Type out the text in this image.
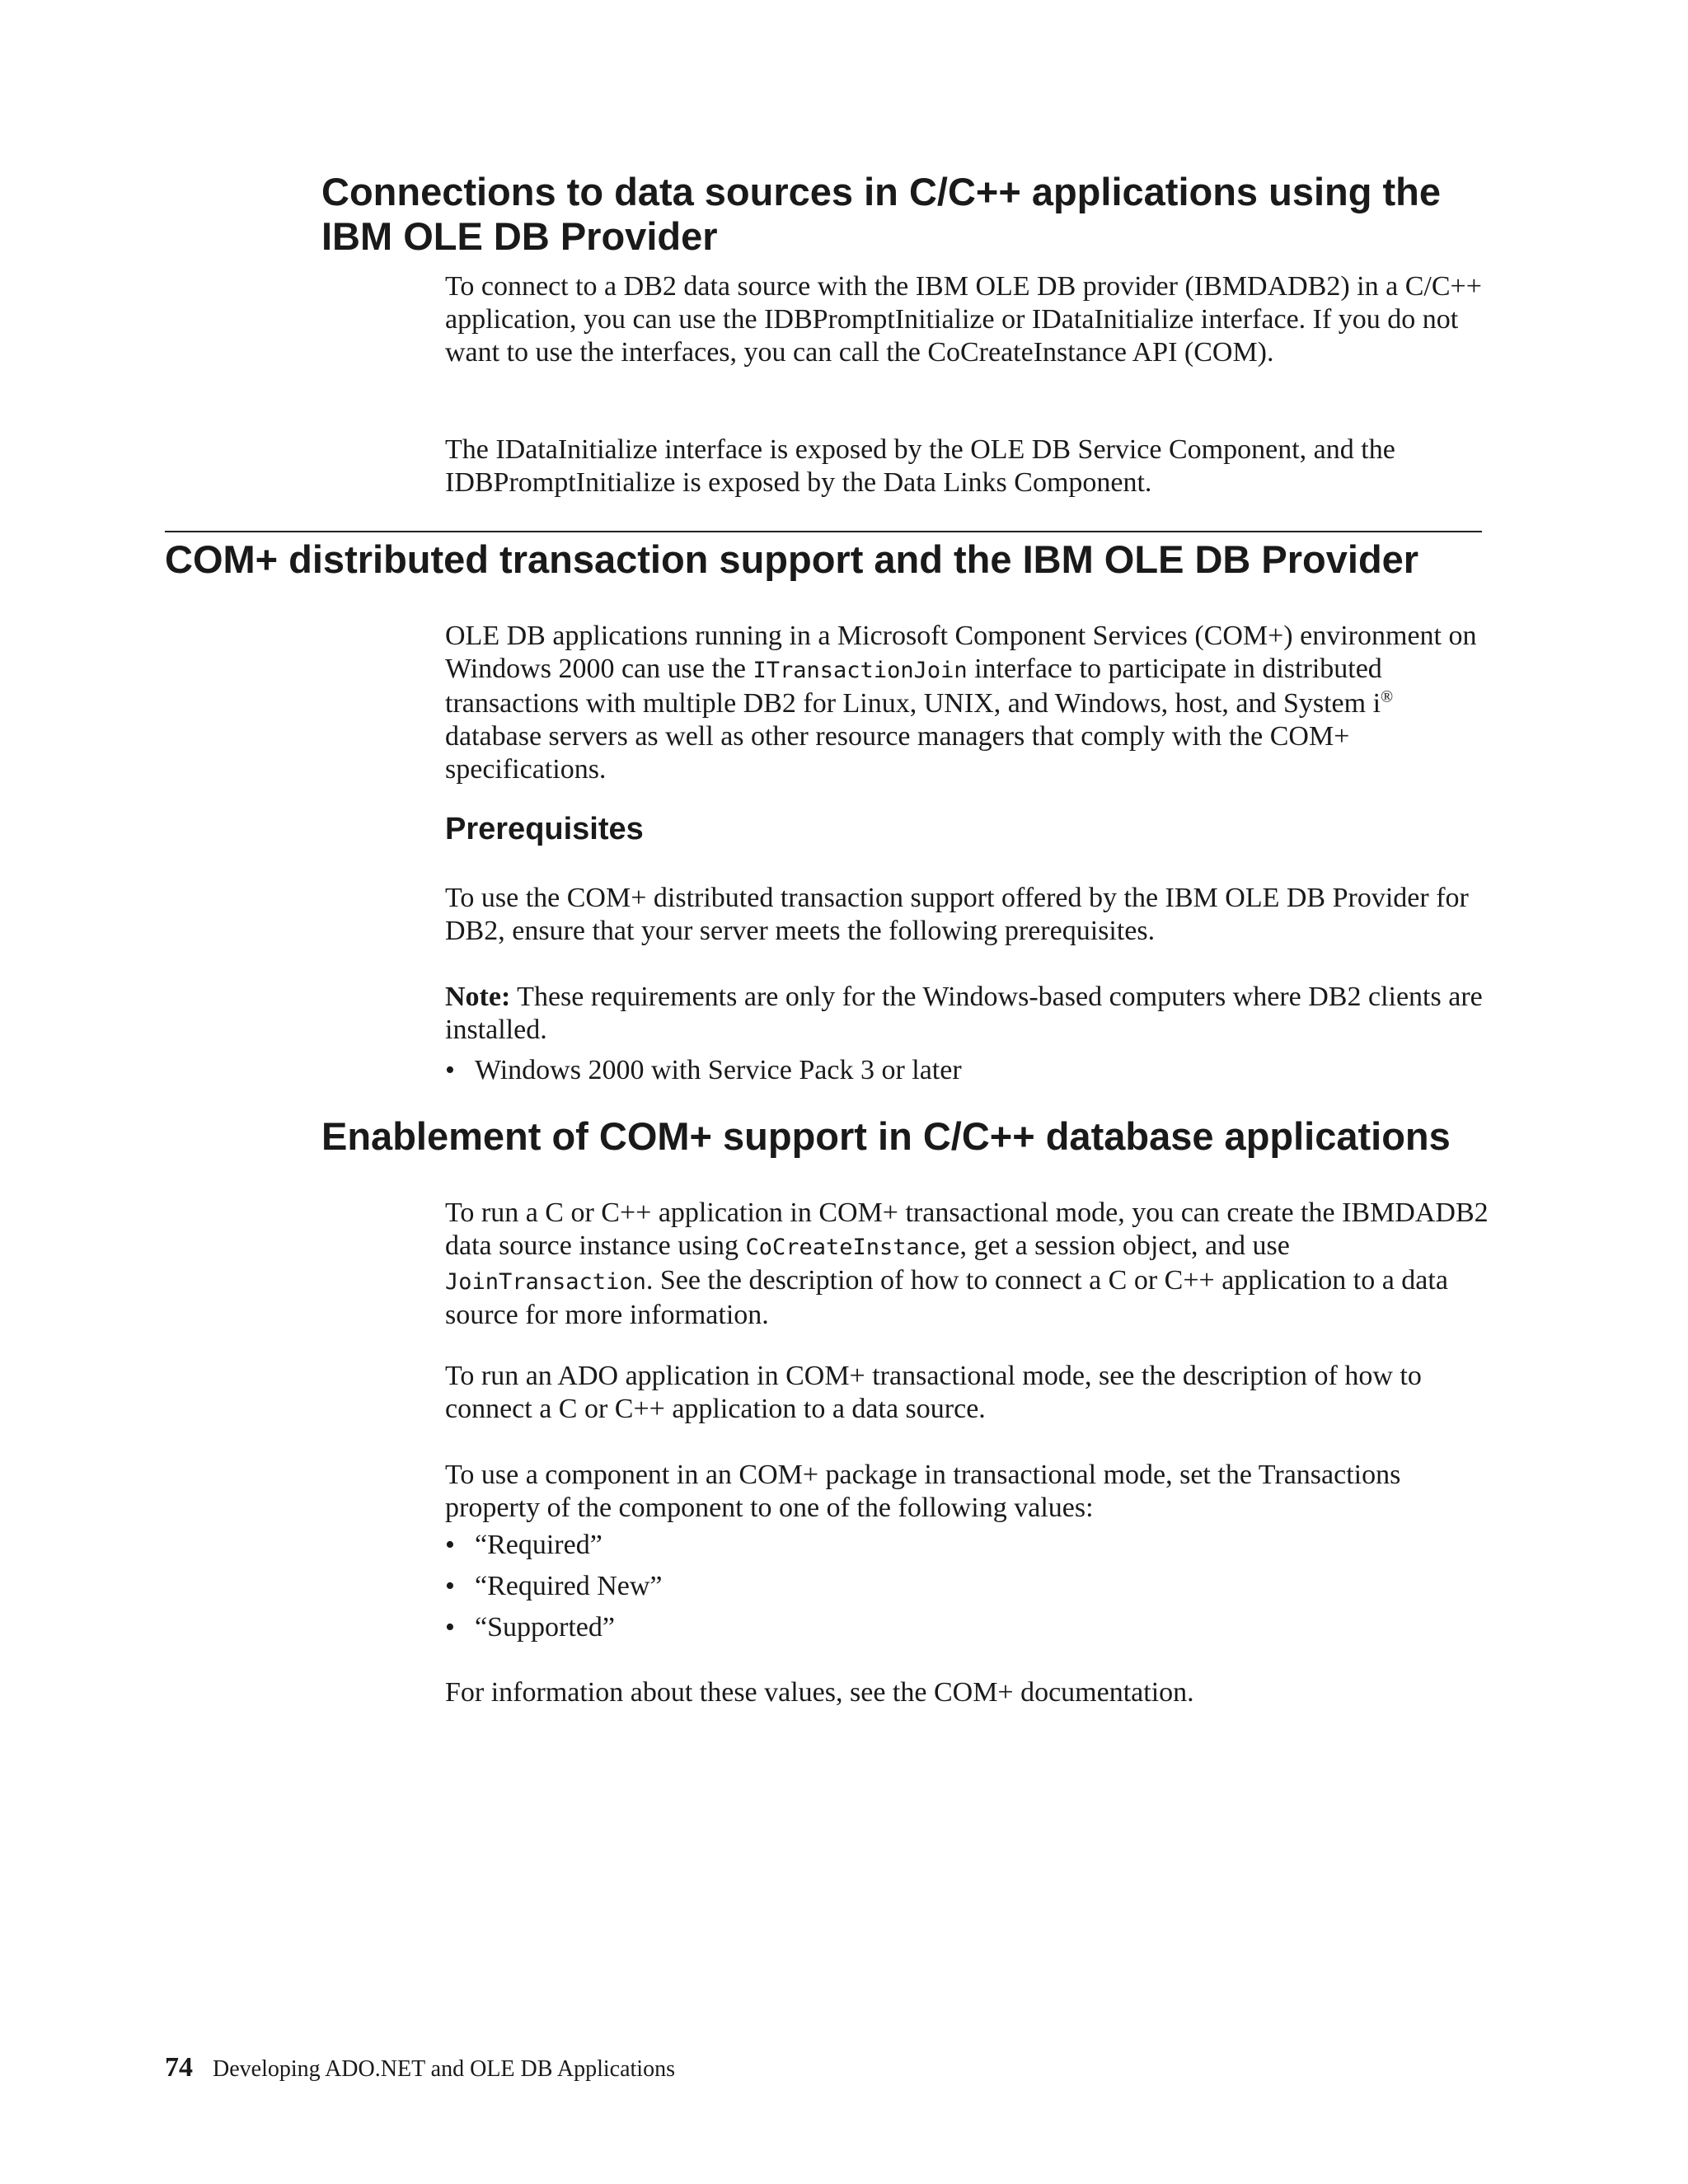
Connections to data sources in C/C++ applications using the
IBM OLE DB Provider

To connect to a DB2 data source with the IBM OLE DB provider (IBMDADB2) in a C/C++ application, you can use the IDBPromptInitialize or IDataInitialize interface. If you do not want to use the interfaces, you can call the CoCreateInstance API (COM).

The IDataInitialize interface is exposed by the OLE DB Service Component, and the IDBPromptInitialize is exposed by the Data Links Component.

COM+ distributed transaction support and the IBM OLE DB Provider

OLE DB applications running in a Microsoft Component Services (COM+) environment on Windows 2000 can use the ITransactionJoin interface to participate in distributed transactions with multiple DB2 for Linux, UNIX, and Windows, host, and System i® database servers as well as other resource managers that comply with the COM+ specifications.

Prerequisites

To use the COM+ distributed transaction support offered by the IBM OLE DB Provider for DB2, ensure that your server meets the following prerequisites.

Note: These requirements are only for the Windows-based computers where DB2 clients are installed.

• Windows 2000 with Service Pack 3 or later
Enablement of COM+ support in C/C++ database applications

To run a C or C++ application in COM+ transactional mode, you can create the IBMDADB2 data source instance using CoCreateInstance, get a session object, and use JoinTransaction. See the description of how to connect a C or C++ application to a data source for more information.

To run an ADO application in COM+ transactional mode, see the description of how to connect a C or C++ application to a data source.

To use a component in an COM+ package in transactional mode, set the Transactions property of the component to one of the following values:

• “Required”
• “Required New”
• “Supported”

For information about these values, see the COM+ documentation.

74 Developing ADO.NET and OLE DB Applications
